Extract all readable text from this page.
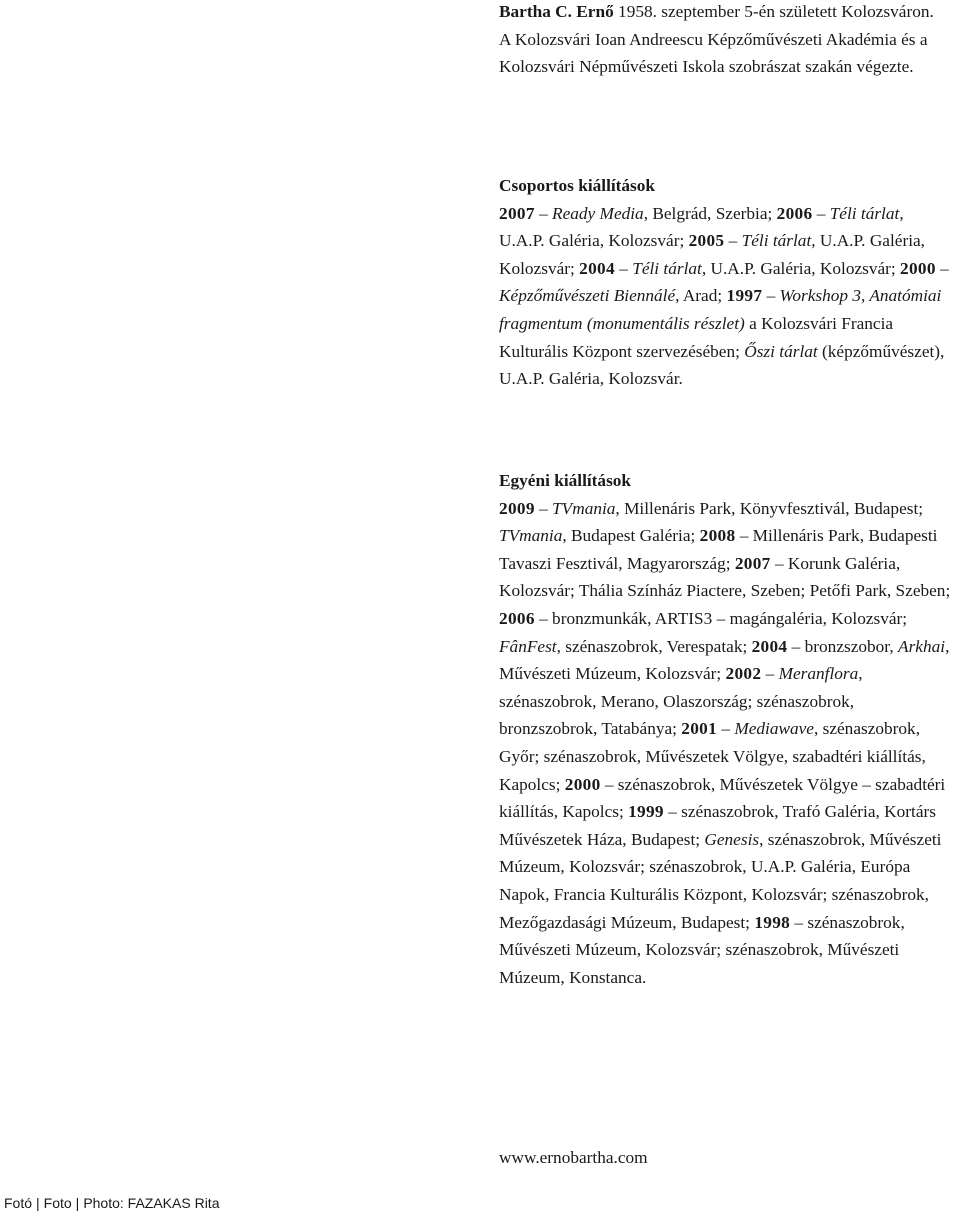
Bartha C. Ernő 1958. szeptember 5-én született Kolozsváron.

A Kolozsvári Ioan Andreescu Képzőművészeti Akadémia és a Kolozsvári Népművészeti Iskola szobrászat szakán végezte.

Csoportos kiállítások

2007 – Ready Media, Belgrád, Szerbia; 2006 – Téli tárlat, U.A.P. Galéria, Kolozsvár; 2005 – Téli tárlat, U.A.P. Galéria, Kolozsvár; 2004 – Téli tárlat, U.A.P. Galéria, Kolozsvár; 2000 – Képzőművészeti Biennálé, Arad; 1997 – Workshop 3, Anatómiai fragmentum (monumentális részlet) a Kolozsvári Francia Kulturális Központ szervezésében; Őszi tárlat (képzőművészet), U.A.P. Galéria, Kolozsvár.

Egyéni kiállítások

2009 – TVmania, Millenáris Park, Könyvfesztivál, Budapest; TVmania, Budapest Galéria; 2008 – Millenáris Park, Budapesti Tavaszi Fesztivál, Magyarország; 2007 – Korunk Galéria, Kolozsvár; Thália Színház Piactere, Szeben; Petőfi Park, Szeben; 2006 – bronzmunkák, ARTIS3 – magángaléria, Kolozsvár; FânFest, szénaszobrok, Verespatak; 2004 – bronzszobor, Arkhai, Művészeti Múzeum, Kolozsvár; 2002 – Meranflora, szénaszobrok, Merano, Olaszország; szénaszobrok, bronzszobrok, Tatabánya; 2001 – Mediawave, szénaszobrok, Győr; szénaszobrok, Művészetek Völgye, szabadtéri kiállítás, Kapolcs; 2000 – szénaszobrok, Művészetek Völgye – szabadtéri kiállítás, Kapolcs; 1999 – szénaszobrok, Trafó Galéria, Kortárs Művészetek Háza, Budapest; Genesis, szénaszobrok, Művészeti Múzeum, Kolozsvár; szénaszobrok, U.A.P. Galéria, Európa Napok, Francia Kulturális Központ, Kolozsvár; szénaszobrok, Mezőgazdasági Múzeum, Budapest; 1998 – szénaszobrok, Művészeti Múzeum, Kolozsvár; szénaszobrok, Művészeti Múzeum, Konstanca.

www.ernobartha.com
Fotó | Foto | Photo: FAZAKAS Rita
